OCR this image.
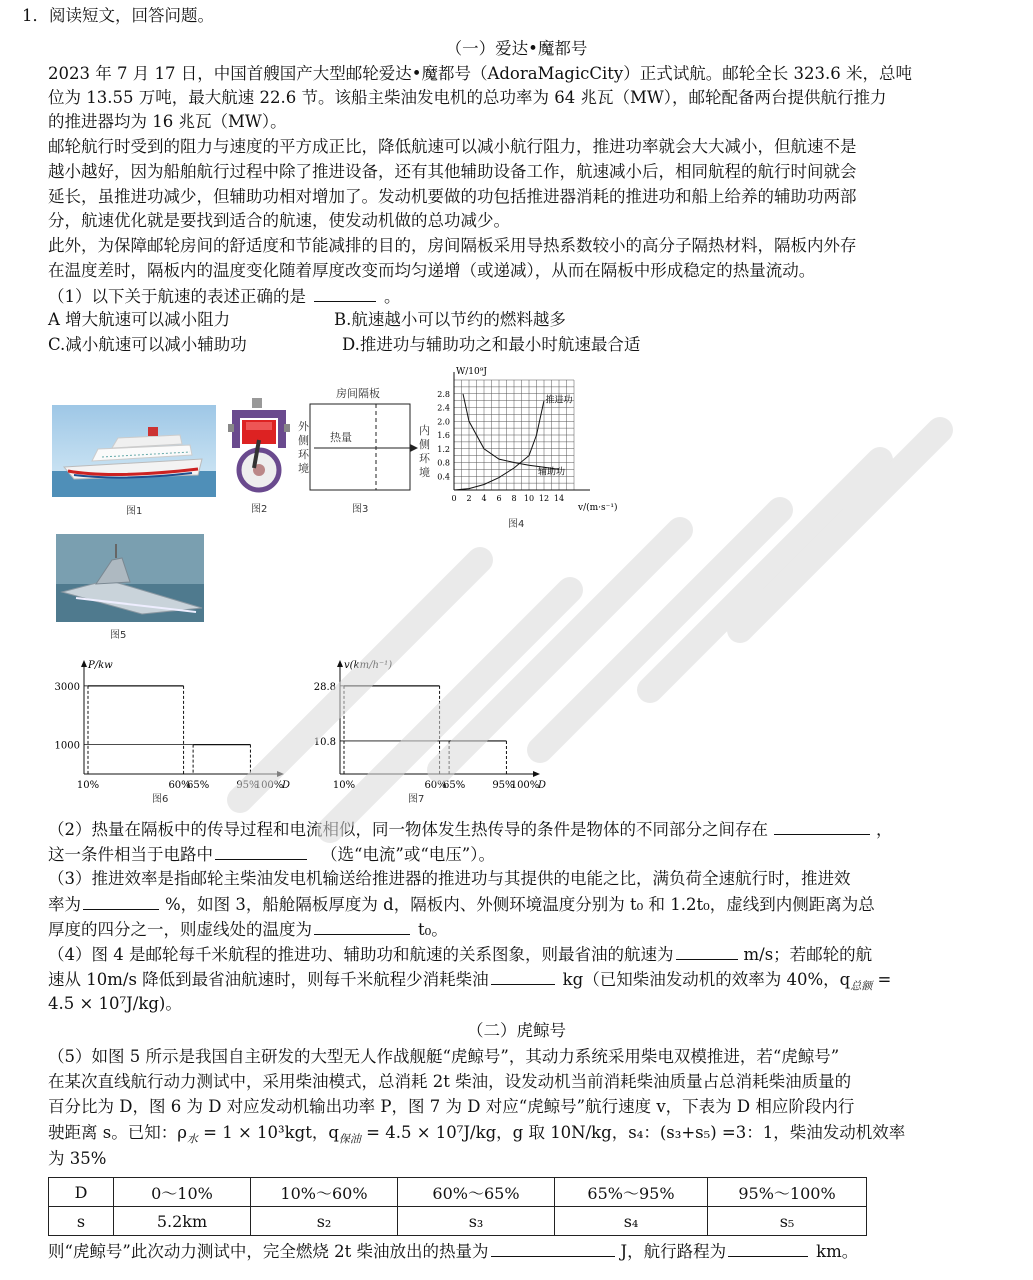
1．阅读短文，回答问题。
（一）爱达•魔都号
2023 年 7 月 17 日，中国首艘国产大型邮轮爱达•魔都号（AdoraMagicCity）正式试航。邮轮全长 323.6 米，总吨
位为 13.55 万吨，最大航速 22.6 节。该船主柴油发电机的总功率为 64 兆瓦（MW），邮轮配备两台提供航行推力
的推进器均为 16 兆瓦（MW）。
邮轮航行时受到的阻力与速度的平方成正比，降低航速可以减小航行阻力，推进功率就会大大减小，但航速不是
越小越好，因为船舶航行过程中除了推进设备，还有其他辅助设备工作，航速减小后，相同航程的航行时间就会
延长，虽推进功减少，但辅助功相对增加了。发动机要做的功包括推进器消耗的推进功和船上给养的辅助功两部
分，航速优化就是要找到适合的航速，使发动机做的总功减少。
此外，为保障邮轮房间的舒适度和节能减排的目的，房间隔板采用导热系数较小的高分子隔热材料，隔板内外存
在温度差时，隔板内的温度变化随着厚度改变而均匀递增（或递减），从而在隔板中形成稳定的热量流动。
（1）以下关于航速的表述正确的是	。
A 增大航速可以减小阻力	B.航速越小可以节约的燃料越多
C.减小航速可以减小辅助功	D.推进功与辅助功之和最小时航速最合适
图1	图2
房间隔板
热量
外
侧
环
境
内
侧
环
境
图3
W/10⁹J
v/(m·s⁻¹)
0.4
0.8
1.2
1.6
2.0
2.4
2.8
0 2 4 6 8 10 12 14
推进功
辅助功
图4
图5
P/kw
D
3000
1000
10%	60%
65%	95%
100%
图6
v(km/h⁻¹)
D
28.8
10.8
10%	60%
65%	95%
100%
图7
（2）热量在隔板中的传导过程和电流相似，同一物体发生热传导的条件是物体的不同部分之间存在	，
这一条件相当于电路中	（选“电流”或“电压”）。
（3）推进效率是指邮轮主柴油发电机输送给推进器的推进功与其提供的电能之比，满负荷全速航行时，推进效
率为	%，如图 3，船舱隔板厚度为 d，隔板内、外侧环境温度分别为 t₀ 和 1.2t₀，虚线到内侧距离为总
厚度的四分之一，则虚线处的温度为	t₀。
（4）图 4 是邮轮每千米航程的推进功、辅助功和航速的关系图象，则最省油的航速为	m/s；若邮轮的航
速从 10m/s 降低到最省油航速时，则每千米航程少消耗柴油	kg（已知柴油发动机的效率为 40%，$q_{总额}$ =
4.5 × 10⁷J/kg)。
（二）虎鲸号
（5）如图 5 所示是我国自主研发的大型无人作战舰艇“虎鲸号”，其动力系统采用柴电双模推进，若“虎鲸号”
在某次直线航行动力测试中，采用柴油模式，总消耗 2t 柴油，设发动机当前消耗柴油质量占总消耗柴油质量的
百分比为 D，图 6 为 D 对应发动机输出功率 P，图 7 为 D 对应“虎鲸号”航行速度 v，下表为 D 相应阶段内行
驶距离 s。已知：$\rho_水 = 1 \times 10^3kgt$，$q_{保油} = 4.5 \times 10^7J/kg$，g 取 10N/kg，s₄：(s₃+s₅) =3：1，柴油发动机效率
为 35%
D	0～10%	10%～60%	60%～65%	65%～95%	95%～100%
s	5.2km	s₂	s₃	s₄	s₅
则“虎鲸号”此次动力测试中，完全燃烧 2t 柴油放出的热量为	J，航行路程为	km。
